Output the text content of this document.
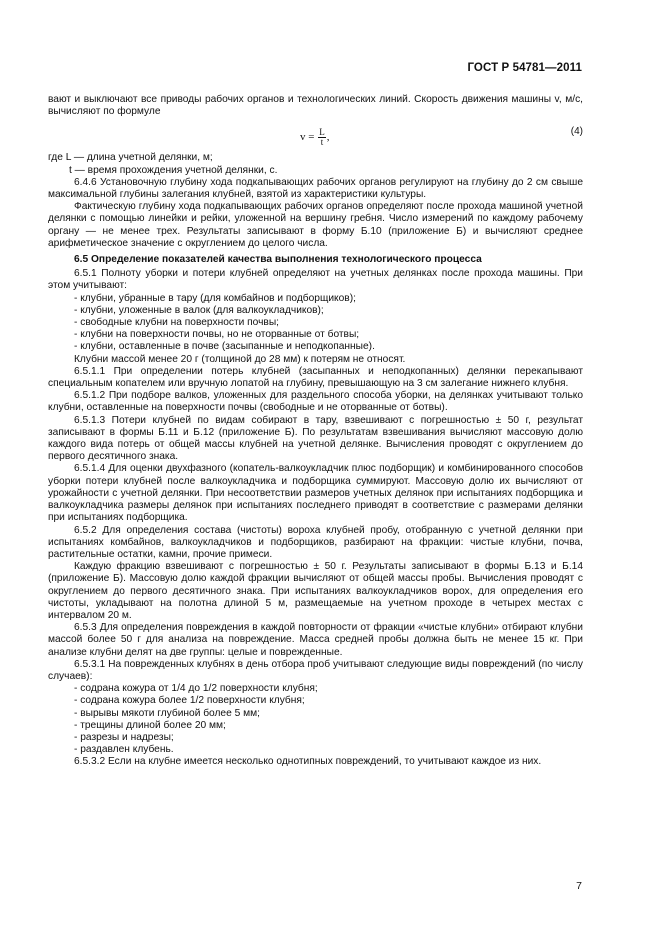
ГОСТ Р 54781—2011

вают и выключают все приводы рабочих органов и технологических линий. Скорость движения машины v, м/с, вычисляют по формуле

$v = \frac{L}{t}$ ,	(4)

где L — длина учетной делянки, м;

t — время прохождения учетной делянки, с.

6.4.6 Установочную глубину хода подкапывающих рабочих органов регулируют на глубину до 2 см свыше максимальной глубины залегания клубней, взятой из характеристики культуры.

Фактическую глубину хода подкапывающих рабочих органов определяют после прохода машиной учетной делянки с помощью линейки и рейки, уложенной на вершину гребня. Число измерений по каждому рабочему органу — не менее трех. Результаты записывают в форму Б.10 (приложение Б) и вычисляют среднее арифметическое значение с округлением до целого числа.

6.5 Определение показателей качества выполнения технологического процесса

6.5.1 Полноту уборки и потери клубней определяют на учетных делянках после прохода машины. При этом учитывают:

- клубни, убранные в тару (для комбайнов и подборщиков);

- клубни, уложенные в валок (для валкоукладчиков);

- свободные клубни на поверхности почвы;

- клубни на поверхности почвы, но не оторванные от ботвы;

- клубни, оставленные в почве (засыпанные и неподкопанные).

Клубни массой менее 20 г (толщиной до 28 мм) к потерям не относят.

6.5.1.1 При определении потерь клубней (засыпанных и неподкопанных) делянки перекапывают специальным копателем или вручную лопатой на глубину, превышающую на 3 см залегание нижнего клубня.

6.5.1.2 При подборе валков, уложенных для раздельного способа уборки, на делянках учитывают только клубни, оставленные на поверхности почвы (свободные и не оторванные от ботвы).

6.5.1.3 Потери клубней по видам собирают в тару, взвешивают с погрешностью ± 50 г, результат записывают в формы Б.11 и Б.12 (приложение Б). По результатам взвешивания вычисляют массовую долю каждого вида потерь от общей массы клубней на учетной делянке. Вычисления проводят с округлением до первого десятичного знака.

6.5.1.4 Для оценки двухфазного (копатель-валкоукладчик плюс подборщик) и комбинированного способов уборки потери клубней после валкоукладчика и подборщика суммируют. Массовую долю их вычисляют от урожайности с учетной делянки. При несоответствии размеров учетных делянок при испытаниях подборщика и валкоукладчика размеры делянок при испытаниях последнего приводят в соответствие с размерами делянки при испытаниях подборщика.

6.5.2 Для определения состава (чистоты) вороха клубней пробу, отобранную с учетной делянки при испытаниях комбайнов, валкоукладчиков и подборщиков, разбирают на фракции: чистые клубни, почва, растительные остатки, камни, прочие примеси.

Каждую фракцию взвешивают с погрешностью ± 50 г. Результаты записывают в формы Б.13 и Б.14 (приложение Б). Массовую долю каждой фракции вычисляют от общей массы пробы. Вычисления проводят с округлением до первого десятичного знака. При испытаниях валкоукладчиков ворох, для определения его чистоты, укладывают на полотна длиной 5 м, размещаемые на учетном проходе в четырех местах с интервалом 20 м.

6.5.3 Для определения повреждения в каждой повторности от фракции «чистые клубни» отбирают клубни массой более 50 г для анализа на повреждение. Масса средней пробы должна быть не менее 15 кг. При анализе клубни делят на две группы: целые и поврежденные.

6.5.3.1 На поврежденных клубнях в день отбора проб учитывают следующие виды повреждений (по числу случаев):

- содрана кожура от 1/4 до 1/2 поверхности клубня;

- содрана кожура более 1/2 поверхности клубня;

- вырывы мякоти глубиной более 5 мм;

- трещины длиной более 20 мм;

- разрезы и надрезы;

- раздавлен клубень.

6.5.3.2 Если на клубне имеется несколько однотипных повреждений, то учитывают каждое из них.

7
